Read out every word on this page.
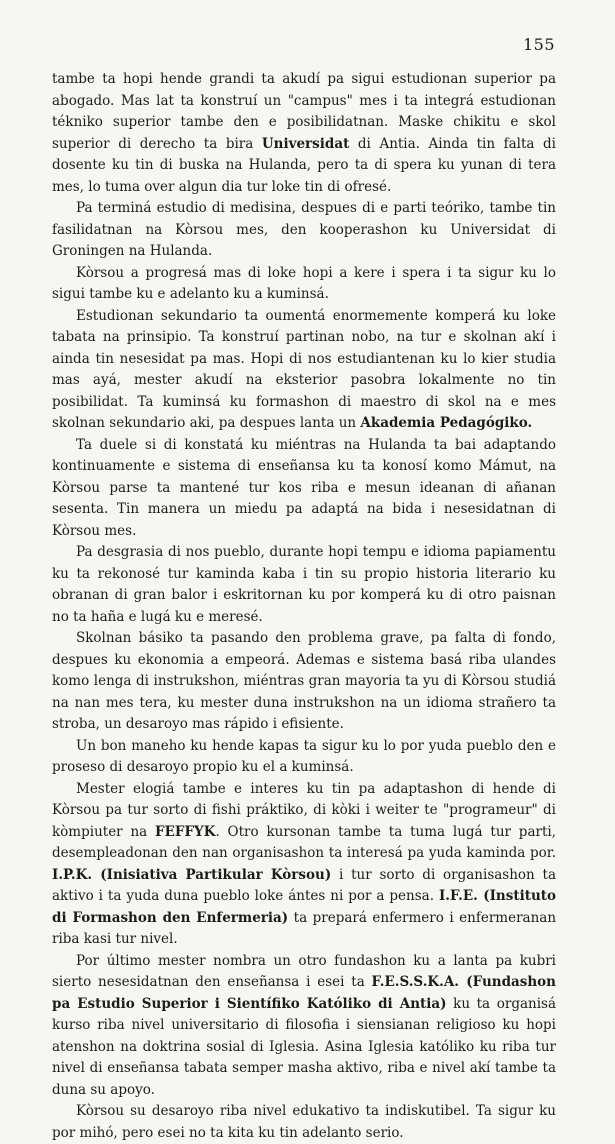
155

tambe ta hopi hende grandi ta akudí pa sigui estudionan superior pa abogado. Mas lat ta konstruí un "campus" mes i ta integrá estudionan tékniko superior tambe den e posibilidatnan. Maske chikitu e skol superior di derecho ta bira Universidat di Antia. Ainda tin falta di dosente ku tin di buska na Hulanda, pero ta di spera ku yunan di tera mes, lo tuma over algun dia tur loke tin di ofresé.

Pa terminá estudio di medisina, despues di e parti teóriko, tambe tin fasilidatnan na Kòrsou mes, den kooperashon ku Universidat di Groningen na Hulanda.

Kòrsou a progresá mas di loke hopi a kere i spera i ta sigur ku lo sigui tambe ku e adelanto ku a kuminsá.

Estudionan sekundario ta oumentá enormemente komperá ku loke tabata na prinsipio. Ta konstruí partinan nobo, na tur e skolnan akí i ainda tin nesesidat pa mas. Hopi di nos estudiantenan ku lo kier studia mas ayá, mester akudí na eksterior pasobra lokalmente no tin posibilidat. Ta kuminsá ku formashon di maestro di skol na e mes skolnan sekundario aki, pa despues lanta un Akademia Pedagógiko.

Ta duele si di konstatá ku miéntras na Hulanda ta bai adaptando kontinuamente e sistema di enseñansa ku ta konosí komo Mámut, na Kòrsou parse ta mantené tur kos riba e mesun ideanan di añanan sesenta. Tin manera un miedu pa adaptá na bida i nesesidatnan di Kòrsou mes.

Pa desgrasia di nos pueblo, durante hopi tempu e idioma papiamentu ku ta rekonosé tur kaminda kaba i tin su propio historia literario ku obranan di gran balor i eskritornan ku por komperá ku di otro paisnan no ta haña e lugá ku e meresé.

Skolnan básiko ta pasando den problema grave, pa falta di fondo, despues ku ekonomia a empeorá. Ademas e sistema basá riba ulandes komo lenga di instrukshon, miéntras gran mayoria ta yu di Kòrsou studiá na nan mes tera, ku mester duna instrukshon na un idioma strañero ta stroba, un desaroyo mas rápido i efisiente.

Un bon maneho ku hende kapas ta sigur ku lo por yuda pueblo den e proseso di desaroyo propio ku el a kuminsá.

Mester elogiá tambe e interes ku tin pa adaptashon di hende di Kòrsou pa tur sorto di fishi práktiko, di kòki i weiter te "programeur" di kòmpiuter na FEFFYK. Otro kursonan tambe ta tuma lugá tur parti, desempleadonan den nan organisashon ta interesá pa yuda kaminda por. I.P.K. (Inisiativa Partikular Kòrsou) i tur sorto di organisashon ta aktivo i ta yuda duna pueblo loke ántes ni por a pensa. I.F.E. (Instituto di Formashon den Enfermeria) ta prepará enfermero i enfermeranan riba kasi tur nivel.

Por último mester nombra un otro fundashon ku a lanta pa kubri sierto nesesidatnan den enseñansa i esei ta F.E.S.S.K.A. (Fundashon pa Estudio Superior i Sientífiko Katóliko di Antia) ku ta organisá kurso riba nivel universitario di filosofia i siensianan religioso ku hopi atenshon na doktrina sosial di Iglesia. Asina Iglesia katóliko ku riba tur nivel di enseñansa tabata semper masha aktivo, riba e nivel akí tambe ta duna su apoyo.

Kòrsou su desaroyo riba nivel edukativo ta indiskutibel. Ta sigur ku por mihó, pero esei no ta kita ku tin adelanto serio.
